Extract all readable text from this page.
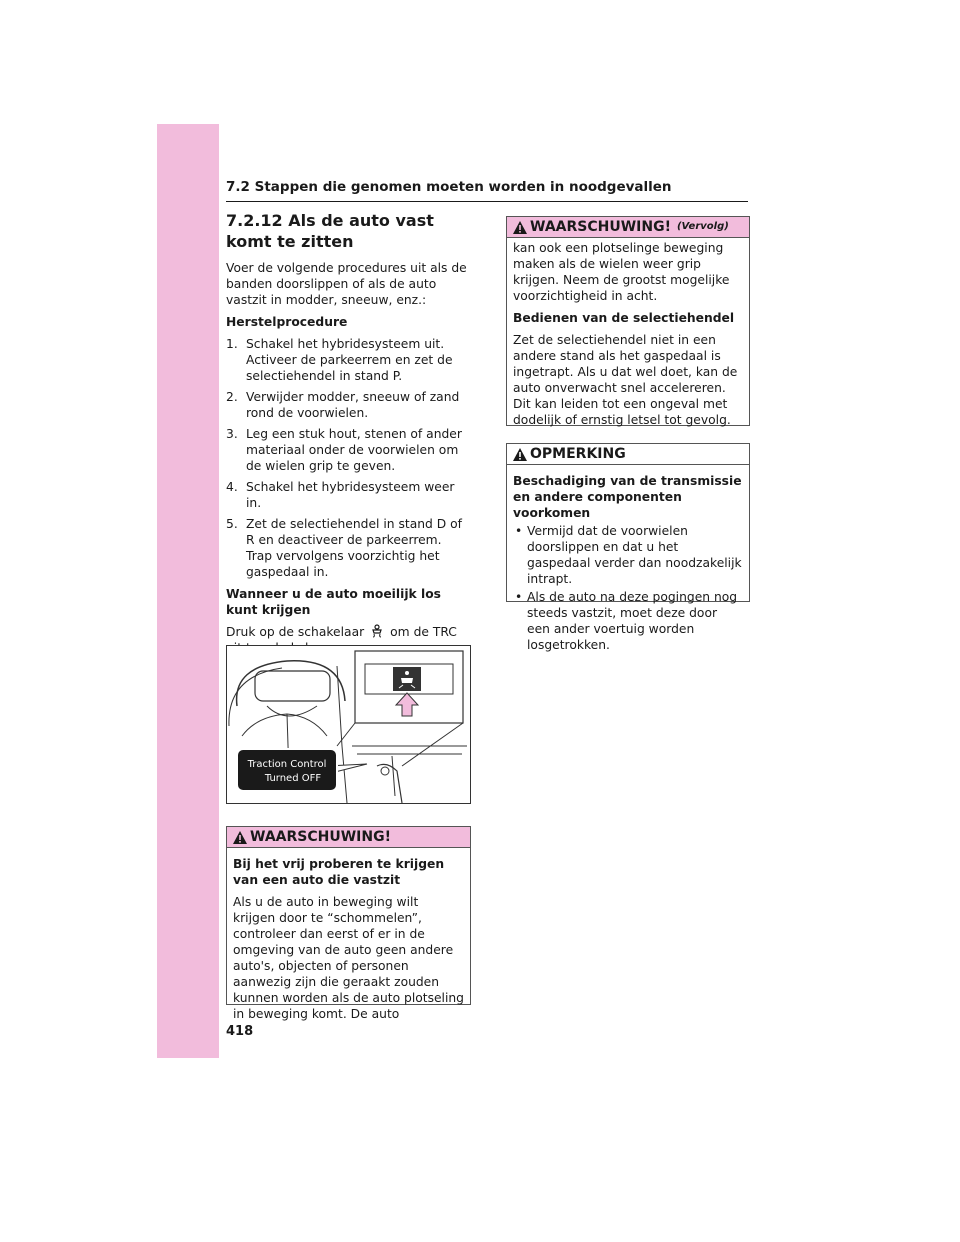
7.2 Stappen die genomen moeten worden in noodgevallen
7.2.12 Als de auto vast komt te zitten

Voer de volgende procedures uit als de banden doorslippen of als de auto vastzit in modder, sneeuw, enz.:

Herstelprocedure

1. Schakel het hybridesysteem uit. Activeer de parkeerrem en zet de selectiehendel in stand P.
2. Verwijder modder, sneeuw of zand rond de voorwielen.
3. Leg een stuk hout, stenen of ander materiaal onder de voorwielen om de wielen grip te geven.
4. Schakel het hybridesysteem weer in.
5. Zet de selectiehendel in stand D of R en deactiveer de parkeerrem. Trap vervolgens voorzichtig het gaspedaal in.

Wanneer u de auto moeilijk los kunt krijgen

Druk op de schakelaar om de TRC

Traction Control
Turned OFF
WAARSCHUWING!

Bij het vrij proberen te krijgen van een auto die vastzit

Als u de auto in beweging wilt krijgen door te “schommelen”, controleer dan eerst of er in de omgeving van de auto geen andere auto's, objecten of personen aanwezig zijn die geraakt zouden kunnen worden als de auto plotseling in beweging komt. De auto

WAARSCHUWING! (Vervolg)

kan ook een plotselinge beweging maken als de wielen weer grip krijgen. Neem de grootst mogelijke voorzichtigheid in acht.

Bedienen van de selectiehendel

Zet de selectiehendel niet in een andere stand als het gaspedaal is ingetrapt. Als u dat wel doet, kan de auto onverwacht snel accelereren. Dit kan leiden tot een ongeval met dodelijk of ernstig letsel tot gevolg.

OPMERKING

Beschadiging van de transmissie en andere componenten voorkomen

• Vermijd dat de voorwielen doorslippen en dat u het gaspedaal verder dan noodzakelijk intrapt.
• Als de auto na deze pogingen nog steeds vastzit, moet deze door een ander voertuig worden losgetrokken.
418
